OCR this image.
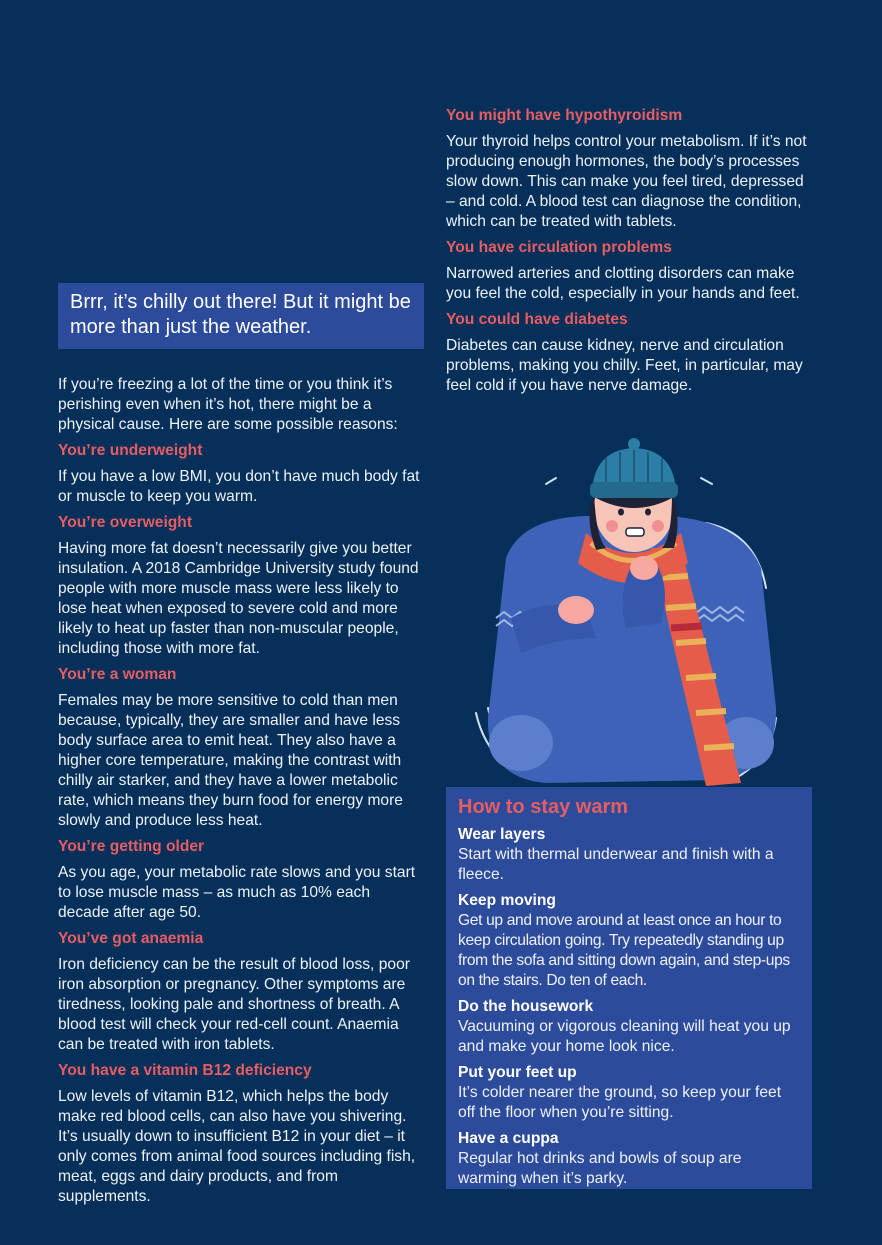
You might have hypothyroidism

Your thyroid helps control your metabolism. If it’s not producing enough hormones, the body’s processes slow down. This can make you feel tired, depressed – and cold. A blood test can diagnose the condition, which can be treated with tablets.

You have circulation problems

Narrowed arteries and clotting disorders can make you feel the cold, especially in your hands and feet.

You could have diabetes

Diabetes can cause kidney, nerve and circulation problems, making you chilly. Feet, in particular, may feel cold if you have nerve damage.

Brrr, it’s chilly out there! But it might be more than just the weather.

If you’re freezing a lot of the time or you think it’s perishing even when it’s hot, there might be a physical cause. Here are some possible reasons:

You’re underweight

If you have a low BMI, you don’t have much body fat or muscle to keep you warm.

You’re overweight

Having more fat doesn’t necessarily give you better insulation. A 2018 Cambridge University study found people with more muscle mass were less likely to lose heat when exposed to severe cold and more likely to heat up faster than non-muscular people, including those with more fat.

You’re a woman

Females may be more sensitive to cold than men because, typically, they are smaller and have less body surface area to emit heat. They also have a higher core temperature, making the contrast with chilly air starker, and they have a lower metabolic rate, which means they burn food for energy more slowly and produce less heat.

You’re getting older

As you age, your metabolic rate slows and you start to lose muscle mass – as much as 10% each decade after age 50.

You’ve got anaemia

Iron deficiency can be the result of blood loss, poor iron absorption or pregnancy. Other symptoms are tiredness, looking pale and shortness of breath. A blood test will check your red-cell count. Anaemia can be treated with iron tablets.

You have a vitamin B12 deficiency

Low levels of vitamin B12, which helps the body make red blood cells, can also have you shivering. It’s usually down to insufficient B12 in your diet – it only comes from animal food sources including fish, meat, eggs and dairy products, and from supplements.

How to stay warm
Wear layers

Start with thermal underwear and finish with a fleece.

Keep moving

Get up and move around at least once an hour to keep circulation going. Try repeatedly standing up from the sofa and sitting down again, and step-ups on the stairs. Do ten of each.

Do the housework

Vacuuming or vigorous cleaning will heat you up and make your home look nice.

Put your feet up

It’s colder nearer the ground, so keep your feet off the floor when you’re sitting.

Have a cuppa

Regular hot drinks and bowls of soup are warming when it’s parky.
